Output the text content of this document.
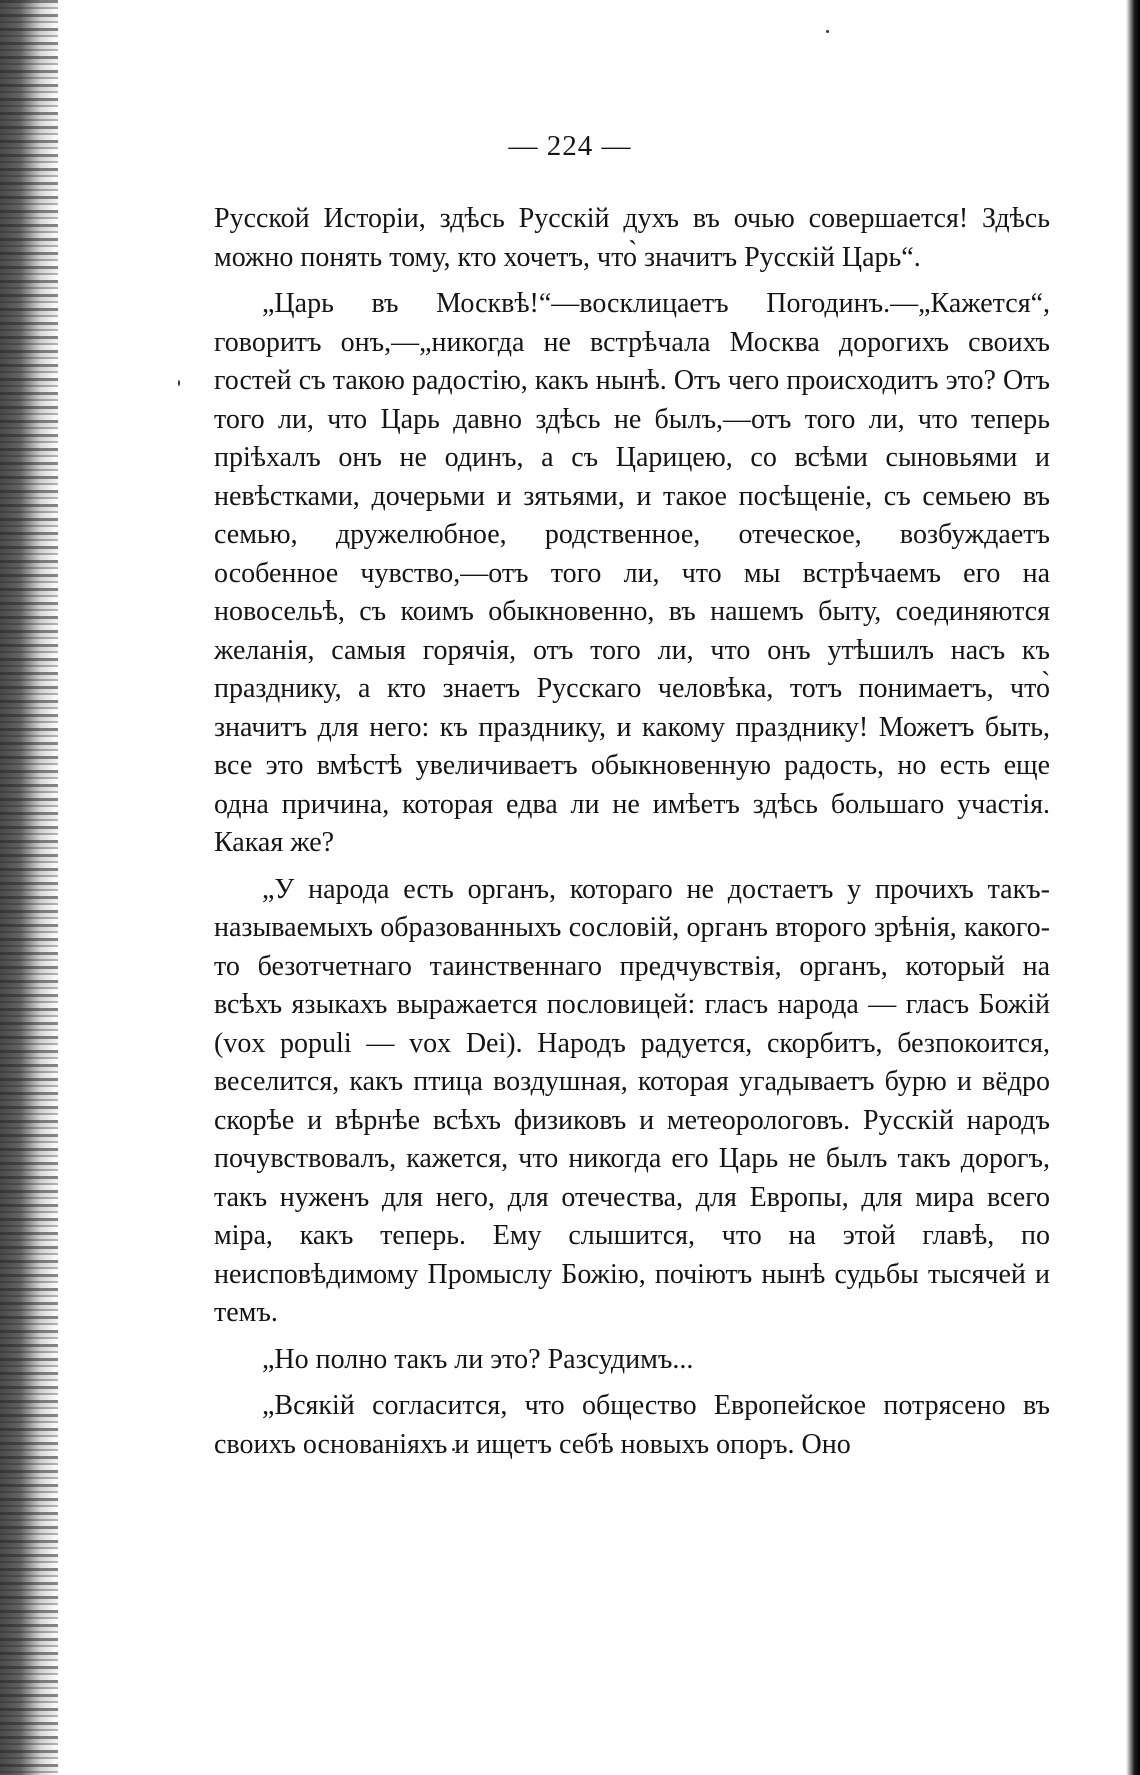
— 224 —

Русской Исторіи, здѣсь Русскій духъ въ очью совершается! Здѣсь можно понять тому, кто хочетъ, что̀ значитъ Русскій Царь“.

„Царь въ Москвѣ!“—восклицаетъ Погодинъ.—„Кажется“, говоритъ онъ,—„никогда не встрѣчала Москва дорогихъ своихъ гостей съ такою радостію, какъ нынѣ. Отъ чего происходитъ это? Отъ того ли, что Царь давно здѣсь не былъ,—отъ того ли, что теперь пріѣхалъ онъ не одинъ, а съ Царицею, со всѣми сыновьями и невѣстками, дочерьми и зятьями, и такое посѣщеніе, съ семьею въ семью, дружелюбное, родственное, отеческое, возбуждаетъ особенное чувство,—отъ того ли, что мы встрѣчаемъ его на новосельѣ, съ коимъ обыкновенно, въ нашемъ быту, соединяются желанія, самыя горячія, отъ того ли, что онъ утѣшилъ насъ къ празднику, а кто знаетъ Русскаго человѣка, тотъ понимаетъ, что̀ значитъ для него: къ празднику, и какому празднику! Можетъ быть, все это вмѣстѣ увеличиваетъ обыкновенную радость, но есть еще одна причина, которая едва ли не имѣетъ здѣсь большаго участія. Какая же?

„У народа есть органъ, котораго не достаетъ у прочихъ такъ-называемыхъ образованныхъ сословій, органъ второго зрѣнія, какого-то безотчетнаго таинственнаго предчувствія, органъ, который на всѣхъ языкахъ выражается пословицей: гласъ народа — гласъ Божій (vox populi — vox Dei). Народъ радуется, скорбитъ, безпокоится, веселится, какъ птица воздушная, которая угадываетъ бурю и вёдро скорѣе и вѣрнѣе всѣхъ физиковъ и метеорологовъ. Русскій народъ почувствовалъ, кажется, что никогда его Царь не былъ такъ дорогъ, такъ нуженъ для него, для отечества, для Европы, для мира всего міра, какъ теперь. Ему слышится, что на этой главѣ, по неисповѣдимому Промыслу Божію, почіютъ нынѣ судьбы тысячей и темъ.

„Но полно такъ ли это? Разсудимъ...

„Всякій согласится, что общество Европейское потрясено въ своихъ основаніяхъ и ищетъ себѣ новыхъ опоръ. Оно
